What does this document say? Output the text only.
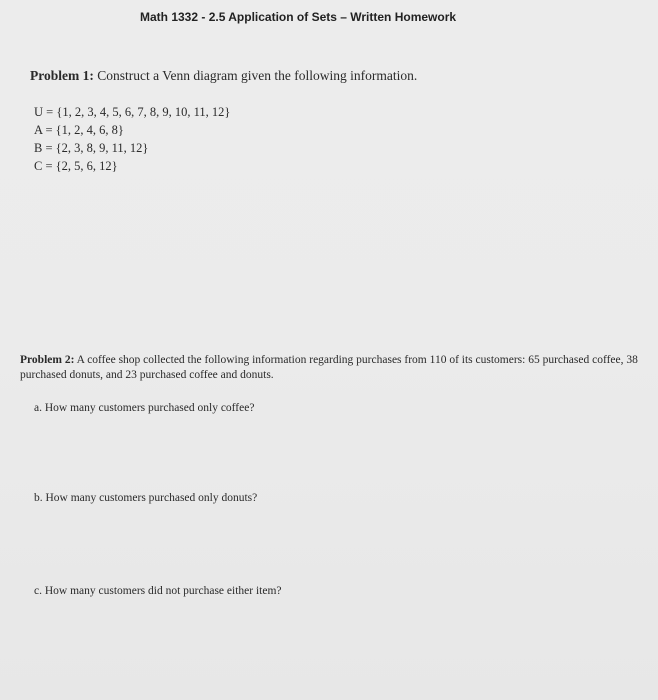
Math 1332 - 2.5 Application of Sets – Written Homework
Problem 1: Construct a Venn diagram given the following information.
U = {1, 2, 3, 4, 5, 6, 7, 8, 9, 10, 11, 12}
A = {1, 2, 4, 6, 8}
B = {2, 3, 8, 9, 11, 12}
C = {2, 5, 6, 12}
Problem 2: A coffee shop collected the following information regarding purchases from 110 of its customers: 65 purchased coffee, 38 purchased donuts, and 23 purchased coffee and donuts.
a. How many customers purchased only coffee?
b. How many customers purchased only donuts?
c. How many customers did not purchase either item?
